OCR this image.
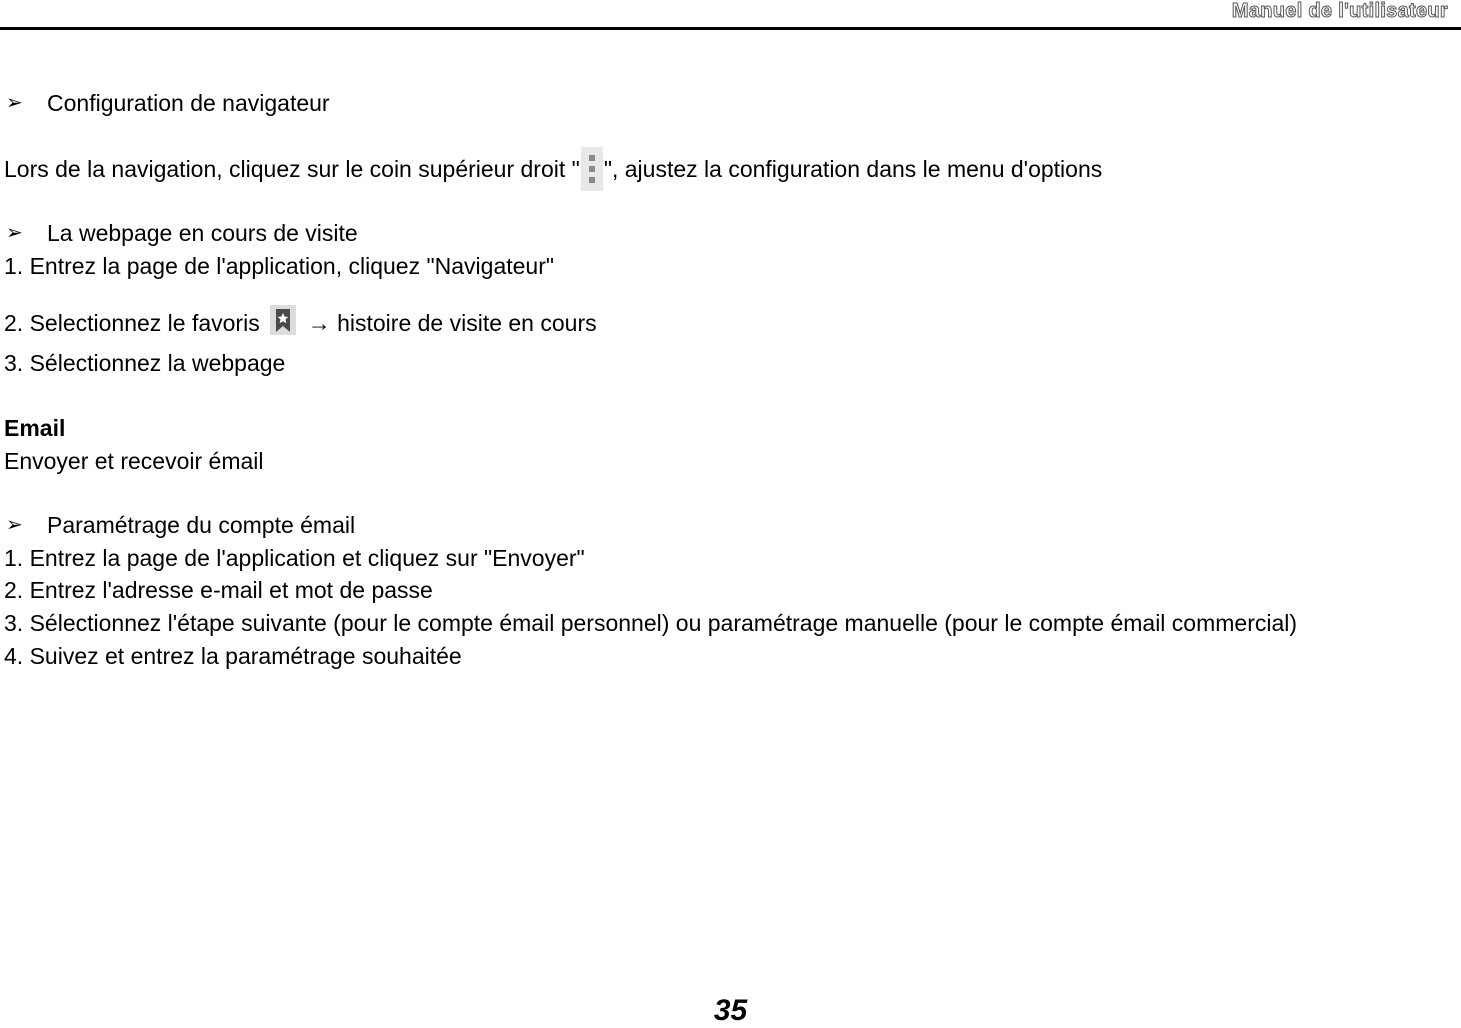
Manuel de l'utilisateur
➢ Configuration de navigateur
Lors de la navigation, cliquez sur le coin supérieur droit " ", ajustez la configuration dans le menu d'options
➢ La webpage en cours de visite
1. Entrez la page de l'application, cliquez "Navigateur"
2. Selectionnez le favoris → histoire de visite en cours
3. Sélectionnez la webpage
Email
Envoyer et recevoir émail
➢ Paramétrage du compte émail
1. Entrez la page de l'application et cliquez sur "Envoyer"
2. Entrez l'adresse e-mail et mot de passe
3. Sélectionnez l'étape suivante (pour le compte émail personnel) ou paramétrage manuelle (pour le compte émail commercial)
4. Suivez et entrez la paramétrage souhaitée
35
